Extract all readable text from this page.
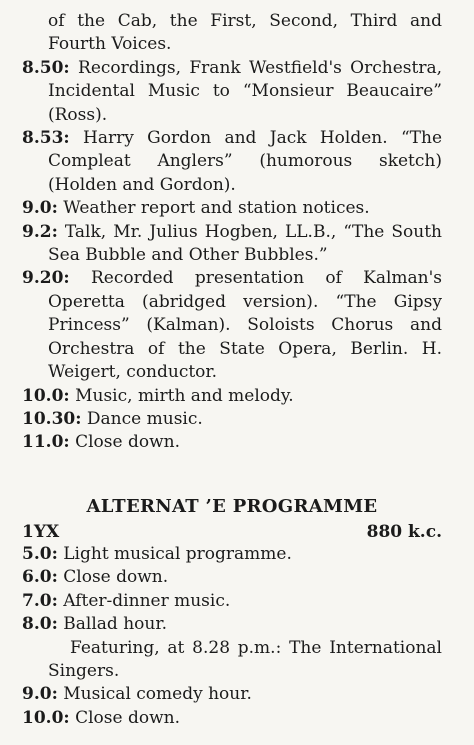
of the Cab, the First, Second, Third and Fourth Voices.
8.50: Recordings, Frank Westfield's Orchestra, Incidental Music to “Monsieur Beaucaire” (Ross).
8.53: Harry Gordon and Jack Holden. “The Compleat Anglers” (humorous sketch) (Holden and Gordon).
9.0: Weather report and station notices.
9.2: Talk, Mr. Julius Hogben, LL.B., “The South Sea Bubble and Other Bubbles.”
9.20: Recorded presentation of Kalman's Operetta (abridged version). “The Gipsy Princess” (Kalman). Soloists Chorus and Orchestra of the State Opera, Berlin. H. Weigert, conductor.
10.0: Music, mirth and melody.
10.30: Dance music.
11.0: Close down.
ALTERNAT ’E PROGRAMME
1YX	880 k.c.
5.0: Light musical programme.
6.0: Close down.
7.0: After-dinner music.
8.0: Ballad hour.
Featuring, at 8.28 p.m.: The International Singers.
9.0: Musical comedy hour.
10.0: Close down.
